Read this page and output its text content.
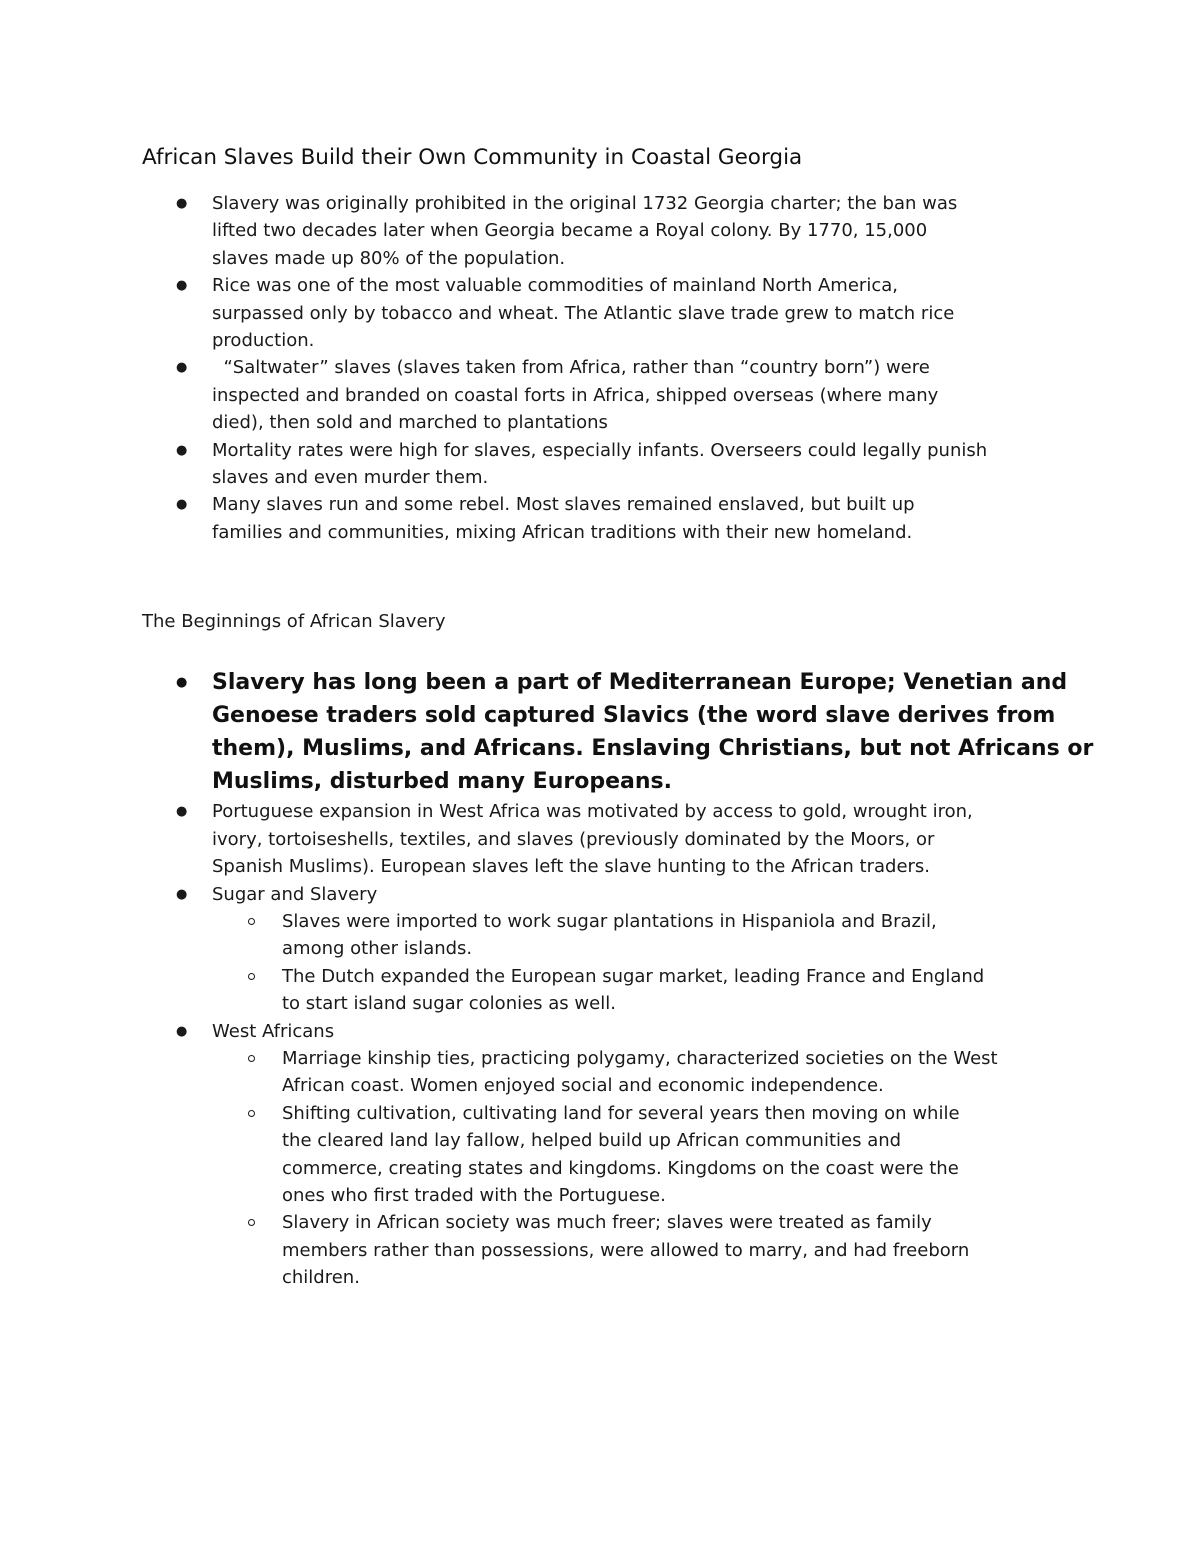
African Slaves Build their Own Community in Coastal Georgia
● Slavery was originally prohibited in the original 1732 Georgia charter; the ban was
lifted two decades later when Georgia became a Royal colony. By 1770, 15,000
slaves made up 80% of the population.
● Rice was one of the most valuable commodities of mainland North America,
surpassed only by tobacco and wheat. The Atlantic slave trade grew to match rice
production.
● “Saltwater” slaves (slaves taken from Africa, rather than “country born”) were
inspected and branded on coastal forts in Africa, shipped overseas (where many
died), then sold and marched to plantations
● Mortality rates were high for slaves, especially infants. Overseers could legally punish
slaves and even murder them.
● Many slaves run and some rebel. Most slaves remained enslaved, but built up
families and communities, mixing African traditions with their new homeland.
The Beginnings of African Slavery
● Slavery has long been a part of Mediterranean Europe; Venetian and
Genoese traders sold captured Slavics (the word slave derives from
them), Muslims, and Africans. Enslaving Christians, but not Africans or
Muslims, disturbed many Europeans.
● Portuguese expansion in West Africa was motivated by access to gold, wrought iron,
ivory, tortoiseshells, textiles, and slaves (previously dominated by the Moors, or
Spanish Muslims). European slaves left the slave hunting to the African traders.
● Sugar and Slavery
Slaves were imported to work sugar plantations in Hispaniola and Brazil,
among other islands.
The Dutch expanded the European sugar market, leading France and England
to start island sugar colonies as well.
● West Africans
Marriage kinship ties, practicing polygamy, characterized societies on the West
African coast. Women enjoyed social and economic independence.
Shifting cultivation, cultivating land for several years then moving on while
the cleared land lay fallow, helped build up African communities and
commerce, creating states and kingdoms. Kingdoms on the coast were the
ones who first traded with the Portuguese.
Slavery in African society was much freer; slaves were treated as family
members rather than possessions, were allowed to marry, and had freeborn
children.
